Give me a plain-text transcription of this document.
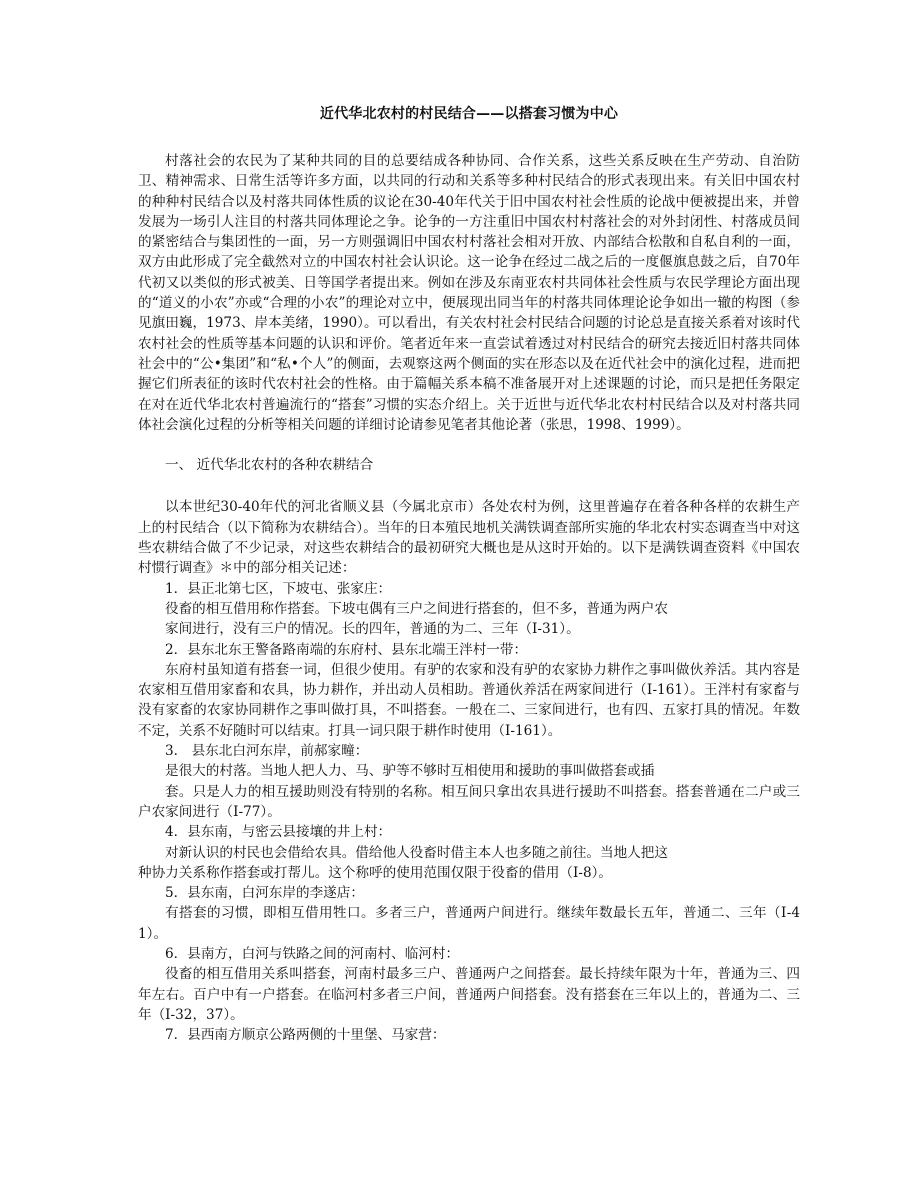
近代华北农村的村民结合——以搭套习惯为中心

村落社会的农民为了某种共同的目的总要结成各种协同、合作关系，这些关系反映在生产劳动、自治防卫、精神需求、日常生活等许多方面，以共同的行动和关系等多种村民结合的形式表现出来。有关旧中国农村的种种村民结合以及村落共同体性质的议论在30-40年代关于旧中国农村社会性质的论战中便被提出来，并曾发展为一场引人注目的村落共同体理论之争。论争的一方注重旧中国农村村落社会的对外封闭性、村落成员间的紧密结合与集团性的一面，另一方则强调旧中国农村村落社会相对开放、内部结合松散和自私自利的一面，双方由此形成了完全截然对立的中国农村社会认识论。这一论争在经过二战之后的一度偃旗息鼓之后，自70年代初又以类似的形式被美、日等国学者提出来。例如在涉及东南亚农村共同体社会性质与农民学理论方面出现的“道义的小农”亦或“合理的小农”的理论对立中，便展现出同当年的村落共同体理论论争如出一辙的构图（参见旗田巍，1973、岸本美绪，1990）。可以看出，有关农村社会村民结合问题的讨论总是直接关系着对该时代农村社会的性质等基本问题的认识和评价。笔者近年来一直尝试着透过对村民结合的研究去接近旧村落共同体社会中的“公•集团”和“私•个人”的侧面，去观察这两个侧面的实在形态以及在近代社会中的演化过程，进而把握它们所表征的该时代农村社会的性格。由于篇幅关系本稿不准备展开对上述课题的讨论，而只是把任务限定在对在近代华北农村普遍流行的“搭套”习惯的实态介绍上。关于近世与近代华北农村村民结合以及对村落共同体社会演化过程的分析等相关问题的详细讨论请参见笔者其他论著（张思，1998、1999）。

一、 近代华北农村的各种农耕结合

以本世纪30-40年代的河北省顺义县（今属北京市）各处农村为例，这里普遍存在着各种各样的农耕生产上的村民结合（以下简称为农耕结合）。当年的日本殖民地机关满铁调查部所实施的华北农村实态调查当中对这些农耕结合做了不少记录，对这些农耕结合的最初研究大概也是从这时开始的。以下是满铁调查资料《中国农村惯行调查》＊中的部分相关记述：

1．县正北第七区，下坡屯、张家庄：

役畜的相互借用称作搭套。下坡屯偶有三户之间进行搭套的，但不多，普通为两户农

家间进行，没有三户的情况。长的四年，普通的为二、三年（Ⅰ-31）。

2．县东北东王警备路南端的东府村、县东北端王泮村一带：

东府村虽知道有搭套一词，但很少使用。有驴的农家和没有驴的农家协力耕作之事叫做伙养活。其内容是农家相互借用家畜和农具，协力耕作，并出动人员相助。普通伙养活在两家间进行（Ⅰ-161）。王泮村有家畜与没有家畜的农家协同耕作之事叫做打具，不叫搭套。一般在二、三家间进行，也有四、五家打具的情况。年数不定，关系不好随时可以结束。打具一词只限于耕作时使用（Ⅰ-161）。

3． 县东北白河东岸，前郝家疃：

是很大的村落。当地人把人力、马、驴等不够时互相使用和援助的事叫做搭套或插

套。只是人力的相互援助则没有特别的名称。相互间只拿出农具进行援助不叫搭套。搭套普通在二户或三户农家间进行（Ⅰ-77）。

4．县东南，与密云县接壤的井上村：

对新认识的村民也会借给农具。借给他人役畜时借主本人也多随之前往。当地人把这

种协力关系称作搭套或打帮儿。这个称呼的使用范围仅限于役畜的借用（Ⅰ-8）。

5．县东南，白河东岸的李遂店：

有搭套的习惯，即相互借用牲口。多者三户，普通两户间进行。继续年数最长五年，普通二、三年（Ⅰ-41）。

6．县南方，白河与铁路之间的河南村、临河村：

役畜的相互借用关系叫搭套，河南村最多三户、普通两户之间搭套。最长持续年限为十年，普通为三、四年左右。百户中有一户搭套。在临河村多者三户间，普通两户间搭套。没有搭套在三年以上的，普通为二、三年（Ⅰ-32，37）。

7．县西南方顺京公路两侧的十里堡、马家营：
